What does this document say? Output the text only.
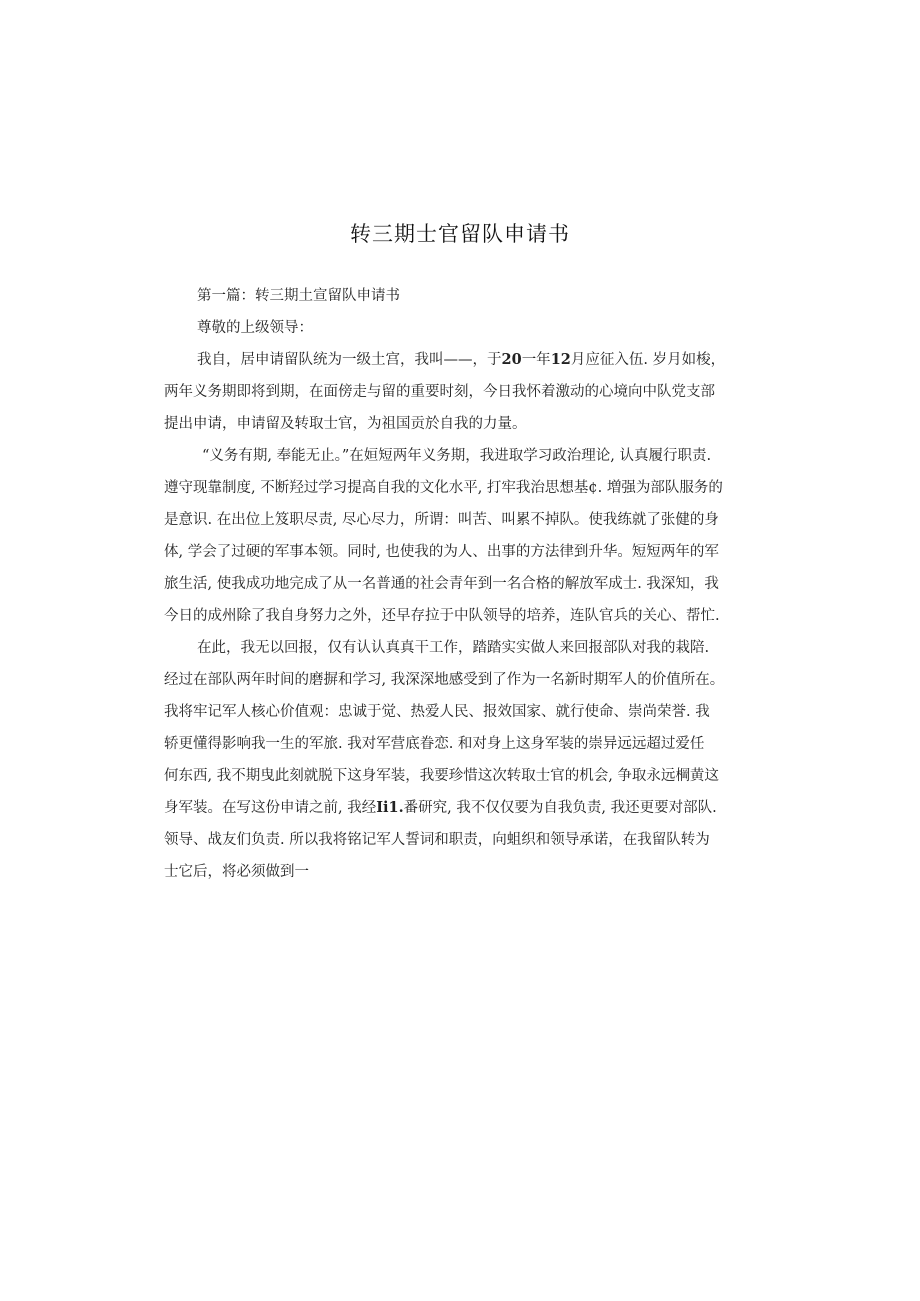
转三期士官留队申请书
第一篇：转三期土宣留队申请书
尊敬的上级领导：
我自，居申请留队统为一级土宫，我叫——，于20一年12月应征入伍. 岁月如梭，
两年义务期即将到期，在面傍走与留的重要时刻，今日我怀着激动的心境向中队党支部
提出申请，申请留及转取士官，为祖国贡於自我的力量。
“义务有期, 奉能无止。”在姮短两年义务期，我进取学习政治理论, 认真履行职责.
遵守现靠制度, 不断羟过学习提高自我的文化水平, 打牢我治思想基¢. 増强为部队服务的
是意识. 在出位上笈职尽责, 尽心尽力，所谓：叫苦、叫累不掉队。使我练就了张健的身
体, 学会了过硬的军事本领。同时, 也使我的为人、出事的方法律到升华。短短两年的军
旅生活, 使我成功地完成了从一名普通的社会青年到一名合格的解放军成士. 我深知，我
今日的成州除了我自身努力之外，还早存拉于中队领导的培养，连队官兵的关心、帮忙.
在此，我无以回报，仅有认认真真干工作，踏踏实实做人来回报部队对我的栽陪.
经过在部队两年时间的磨摒和学习, 我深深地感受到了作为一名新时期军人的价值所在。
我将牢记军人核心价值观：忠诚于觉、热爱人民、报效国家、就行使命、崇尚荣誉. 我
轿更懂得影响我一生的军旅. 我对军营底眷恋. 和对身上这身军装的崇异远远超过爱任
何东西, 我不期曳此刻就脱下这身军装，我要珍惜这次转取士官的机会, 争取永远棡黄这
身军装。在写这份申请之前, 我经Ii1.番研究, 我不仅仅要为自我负责, 我还更要对部队.
领导、战友们负责. 所以我将铭记军人誓词和职责，向蛆织和领导承诺，在我留队转为
士它后，将必须做到一
